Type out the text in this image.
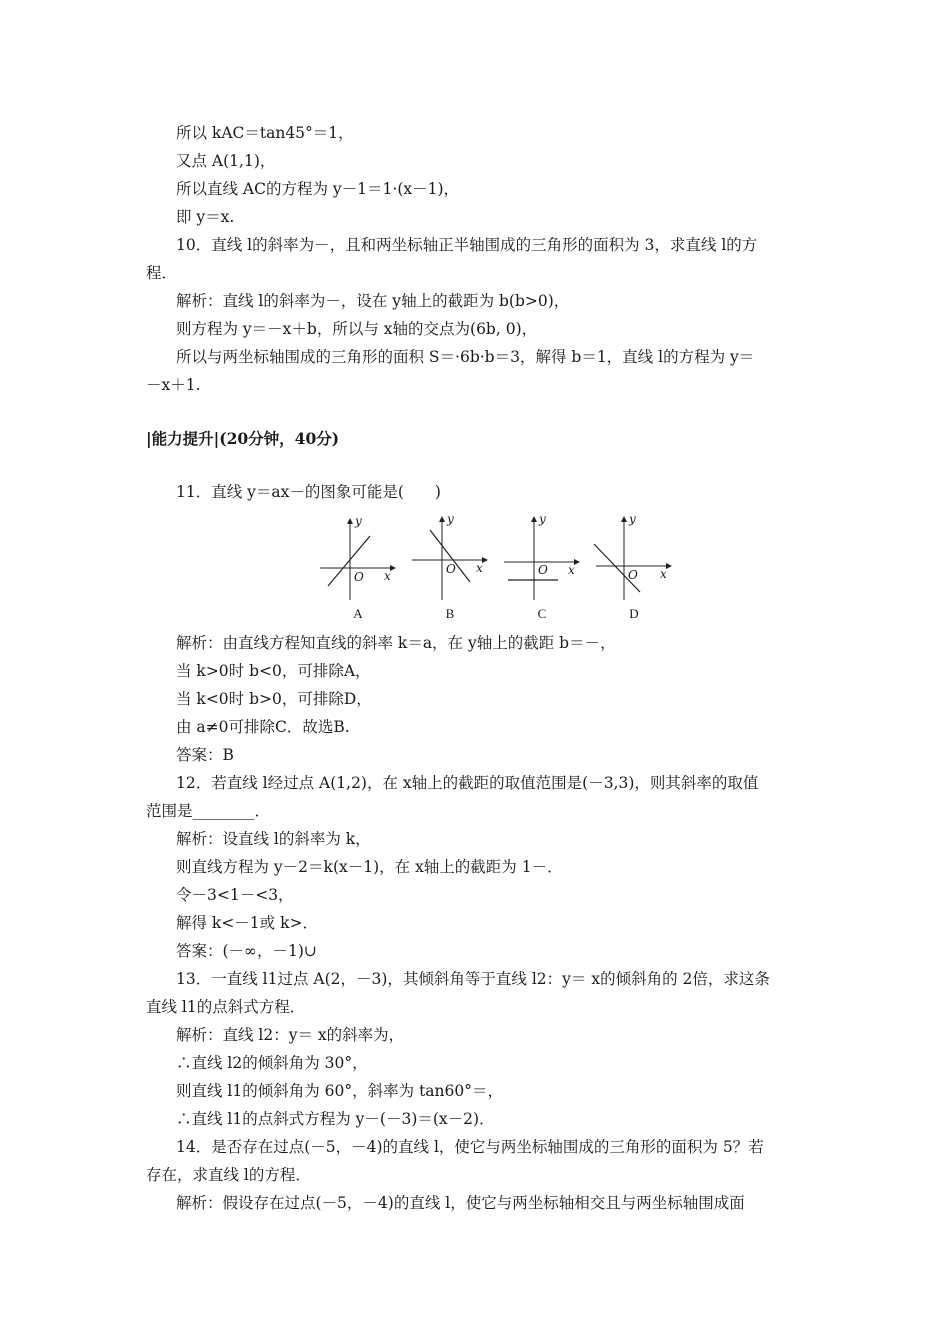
所以 kAC＝tan45°＝1，
又点 A(1,1)，
所以直线 AC的方程为 y－1＝1·(x－1)，
即 y＝x.
10．直线 l的斜率为－，且和两坐标轴正半轴围成的三角形的面积为 3，求直线 l的方
程．
解析：直线 l的斜率为－，设在 y轴上的截距为 b(b>0)，
则方程为 y＝－x＋b，所以与 x轴的交点为(6b, 0)，
所以与两坐标轴围成的三角形的面积 S＝·6b·b＝3，解得 b＝1，直线 l的方程为 y＝
－x＋1.
|能力提升|(20分钟，40分)
11．直线 y＝ax－的图象可能是(　　)
y
x
O
A
y
x
O
B
y
x
O
C
y
x
O
D
解析：由直线方程知直线的斜率 k＝a，在 y轴上的截距 b＝－，
当 k>0时 b<0，可排除A，
当 k<0时 b>0，可排除D，
由 a≠0可排除C．故选B.
答案：B
12．若直线 l经过点 A(1,2)，在 x轴上的截距的取值范围是(－3,3)，则其斜率的取值
范围是________．
解析：设直线 l的斜率为 k，
则直线方程为 y－2＝k(x－1)，在 x轴上的截距为 1－．
令－3<1－<3，
解得 k<－1或 k>．
答案：(－∞，－1)∪
13．一直线 l1过点 A(2，－3)，其倾斜角等于直线 l2：y＝ x的倾斜角的 2倍，求这条
直线 l1的点斜式方程．
解析：直线 l2：y＝ x的斜率为，
∴直线 l2的倾斜角为 30°，
则直线 l1的倾斜角为 60°，斜率为 tan60°＝，
∴直线 l1的点斜式方程为 y－(－3)＝(x－2)．
14．是否存在过点(－5，－4)的直线 l，使它与两坐标轴围成的三角形的面积为 5？若
存在，求直线 l的方程．
解析：假设存在过点(－5，－4)的直线 l，使它与两坐标轴相交且与两坐标轴围成面
